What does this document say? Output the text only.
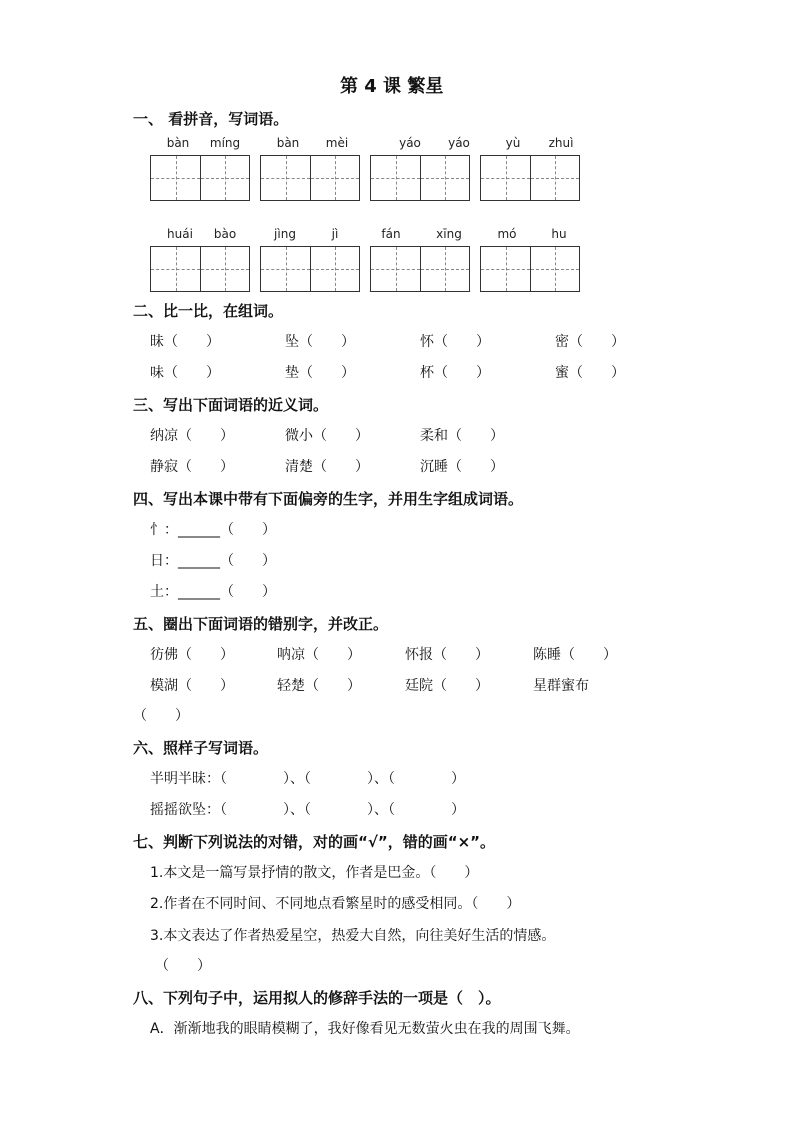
第 4 课 繁星
一、 看拼音，写词语。
bàn	míng	bàn	mèi	yáo	yáo	yù	zhuì
huái	bào	jìng	jì	fán	xīng	mó	hu
二、比一比，在组词。
昧（　　）	坠（　　）	怀（　　）	密（　　）
味（　　）	垫（　　）	杯（　　）	蜜（　　）
三、写出下面词语的近义词。
纳凉（　　）	微小（　　）	柔和（　　）
静寂（　　）	清楚（　　）	沉睡（　　）
四、写出本课中带有下面偏旁的生字，并用生字组成词语。
忄：______（　　）
日：______（　　）
土：______（　　）
五、圈出下面词语的错别字，并改正。
彷佛（　　）	呐凉（　　）	怀报（　　）	陈睡（　　）
模湖（　　）	轻楚（　　）	廷院（　　）	星群蜜布
（　　）
六、照样子写词语。
半明半昧：（　　　　）、（　　　　）、（　　　　）
摇摇欲坠：（　　　　）、（　　　　）、（　　　　）
七、判断下列说法的对错，对的画“√”，错的画“×”。
1.本文是一篇写景抒情的散文，作者是巴金。（　　）
2.作者在不同时间、不同地点看繁星时的感受相同。（　　）
3.本文表达了作者热爱星空，热爱大自然，向往美好生活的情感。
（　　）
八、下列句子中，运用拟人的修辞手法的一项是（　）。
A．渐渐地我的眼睛模糊了，我好像看见无数萤火虫在我的周围飞舞。
